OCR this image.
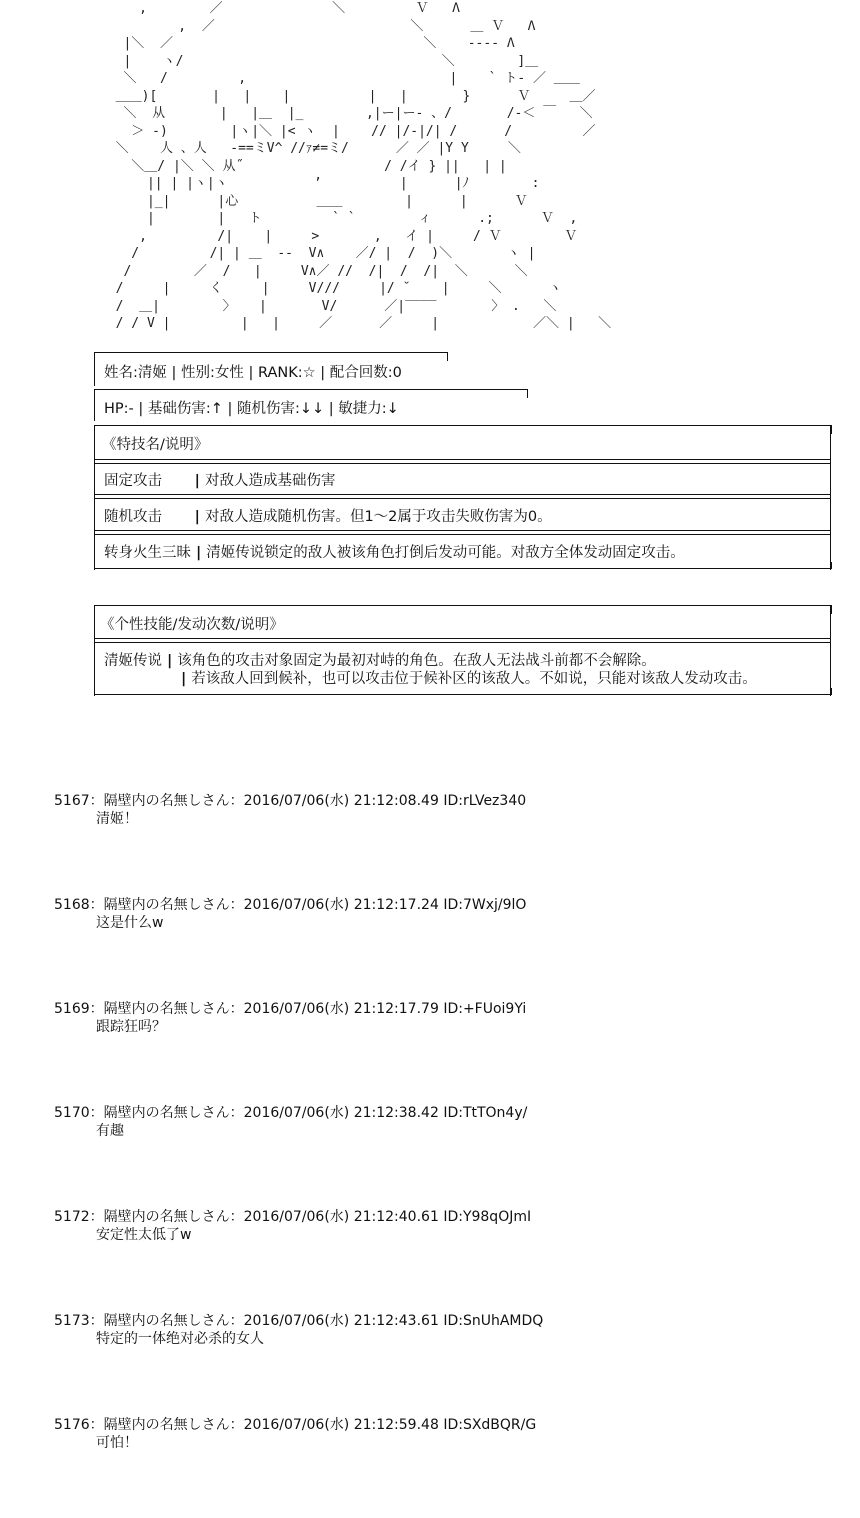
,        ／              ＼         Ｖ   Λ
,  ／                         ＼      ＿ Ｖ   Λ
|＼  ／                                ＼    ---- Λ
|    ヽ/                                 ＼        ]＿
＼   /         ,                          |    ` ト- ／ ＿＿
＿＿)[       |   |    |          |   |       }      Ｖ     ＿／
＼  从       |   |＿  |_        ,|ー|ー- 、/       /-＜ ￣   ＼
＞ -)        |ヽ|＼ |< ヽ  |    // |/-|/| /      /         ／
＼    人 、人   -==ミV^ //ｧ≠=ミ/      ／ ／ |Y Y     ＼
＼＿/ |＼ ＼ 从˝                  / /イ } ||   | |
|| | |ヽ|ヽ           ’          |      |ﾉ        :
|_|      |心          ＿＿        |      |      Ｖ
|        |   ト         ` `        ィ      .;      Ｖ  ,
,         /|    |     >       ,   イ |     / Ｖ        Ｖ
/         /| | ＿  --  V∧    ／/ |  /  )＼       ヽ |
/        ／  /   |     V∧／ //  /|  /  /|  ＼      ＼
/     |     く     |     V///     |/ ˘    |     ＼      ヽ
/  ＿|        〉   |       V/      ／|‾‾‾‾       〉 .   ＼
/ / V |         |   |     ／      ／     |            ／＼ |   ＼
姓名:清姬 | 性别:女性 | RANK:☆ | 配合回数:0
HP:- | 基础伤害:↑ | 随机伤害:↓↓ | 敏捷力:↓
《特技名/说明》
固定攻击 | 对敌人造成基础伤害
随机攻击 | 对敌人造成随机伤害。但1～2属于攻击失败伤害为0。
转身火生三昧 | 清姬传说锁定的敌人被该角色打倒后发动可能。对敌方全体发动固定攻击。
《个性技能/发动次数/说明》
清姬传说 | 该角色的攻击对象固定为最初对峙的角色。在敌人无法战斗前都不会解除。
| 若该敌人回到候补，也可以攻击位于候补区的该敌人。不如说，只能对该敌人发动攻击。
5167：隔壁内の名無しさん：2016/07/06(水) 21:12:08.49 ID:rLVez340
清姬！
5168：隔壁内の名無しさん：2016/07/06(水) 21:12:17.24 ID:7Wxj/9lO
这是什么w
5169：隔壁内の名無しさん：2016/07/06(水) 21:12:17.79 ID:+FUoi9Yi
跟踪狂吗？
5170：隔壁内の名無しさん：2016/07/06(水) 21:12:38.42 ID:TtTOn4y/
有趣
5172：隔壁内の名無しさん：2016/07/06(水) 21:12:40.61 ID:Y98qOJmI
安定性太低了w
5173：隔壁内の名無しさん：2016/07/06(水) 21:12:43.61 ID:SnUhAMDQ
特定的一体绝对必杀的女人
5176：隔壁内の名無しさん：2016/07/06(水) 21:12:59.48 ID:SXdBQR/G
可怕！
